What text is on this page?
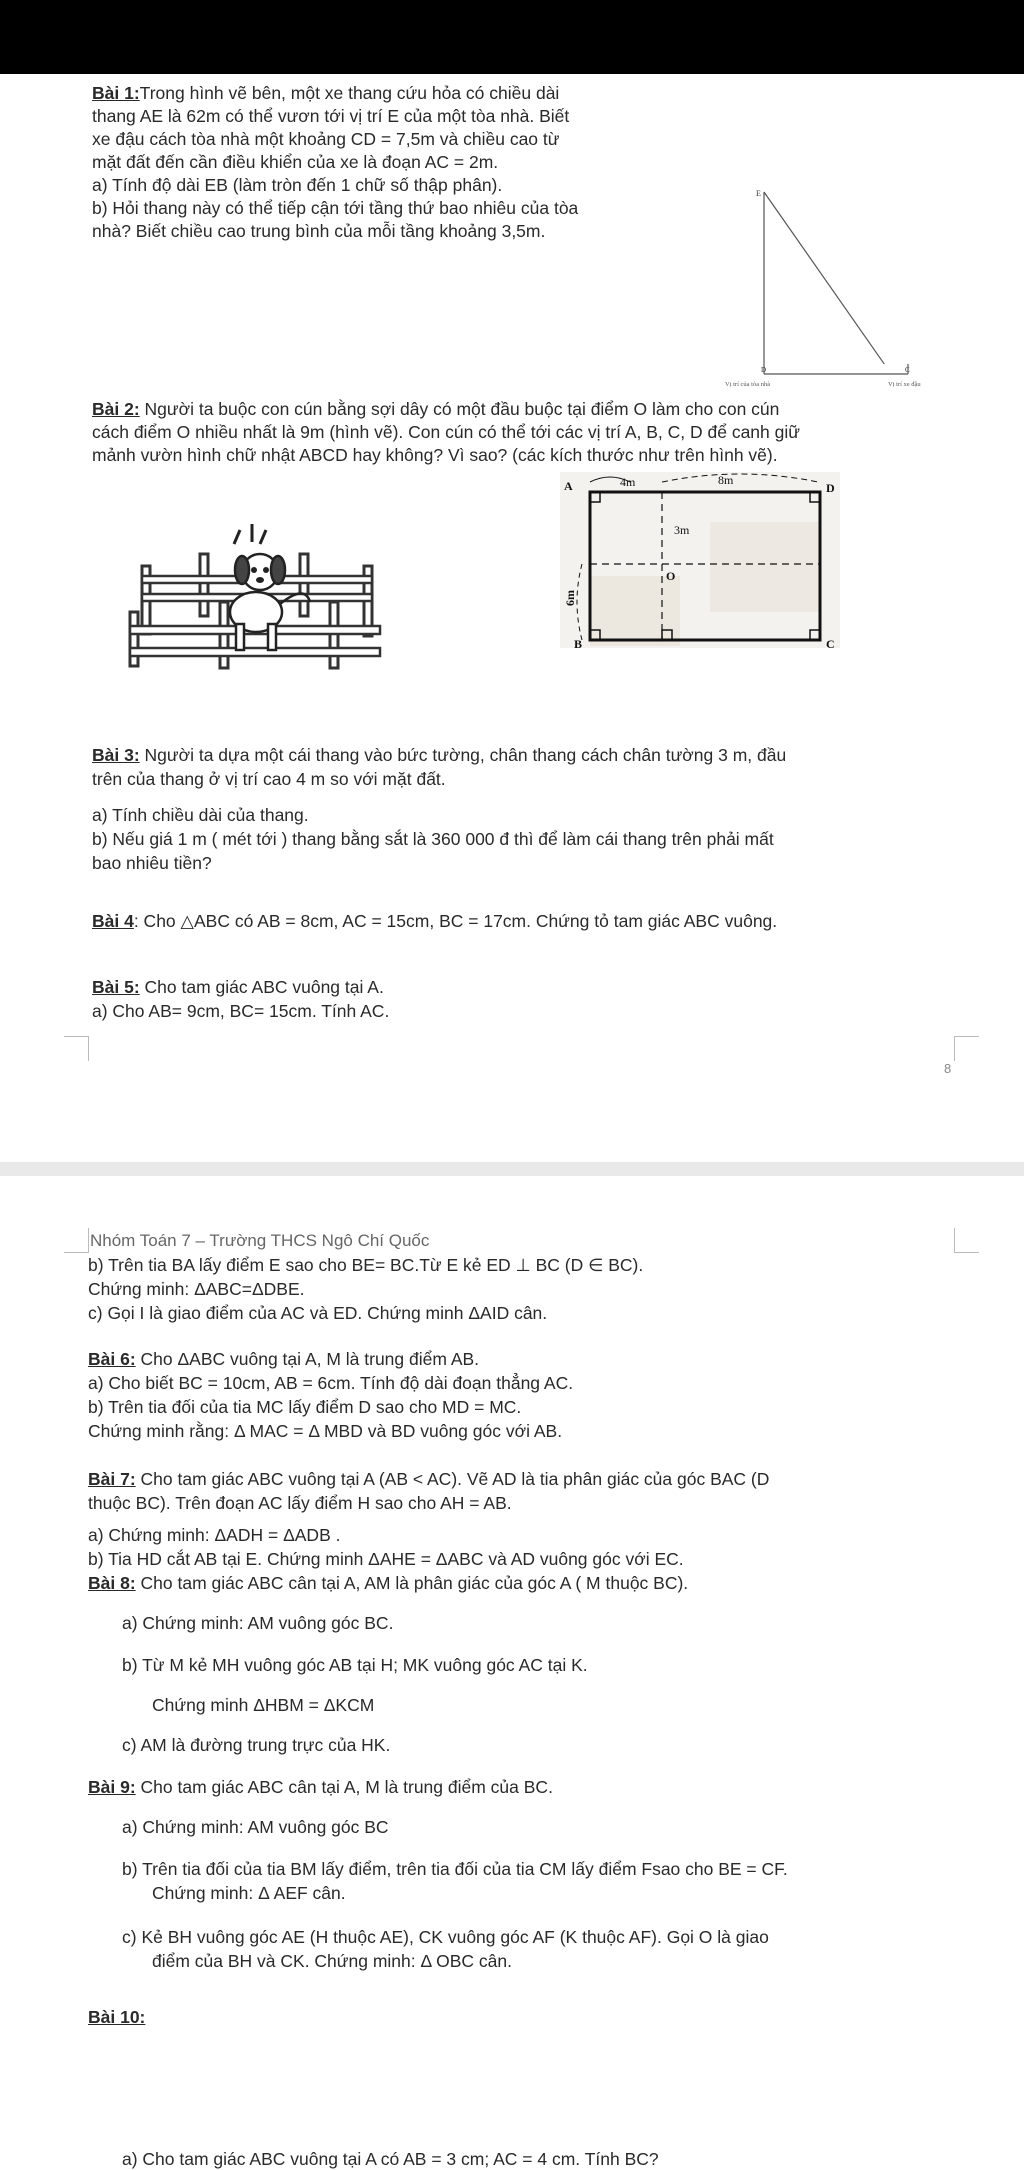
Bài 1:Trong hình vẽ bên, một xe thang cứu hỏa có chiều dài
thang AE là 62m có thể vươn tới vị trí E của một tòa nhà. Biết
xe đậu cách tòa nhà một khoảng CD = 7,5m và chiều cao từ
mặt đất đến cần điều khiển của xe là đoạn AC = 2m.
a) Tính độ dài EB (làm tròn đến 1 chữ số thập phân).
b) Hỏi thang này có thể tiếp cận tới tầng thứ bao nhiêu của tòa
nhà? Biết chiều cao trung bình của mỗi tầng khoảng 3,5m.
E
D	C
Vị trí của tòa nhà	Vị trí xe đậu
Bài 2: Người ta buộc con cún bằng sợi dây có một đầu buộc tại điểm O làm cho con cún
cách điểm O nhiều nhất là 9m (hình vẽ). Con cún có thể tới các vị trí A, B, C, D để canh giữ
mảnh vườn hình chữ nhật ABCD hay không? Vì sao? (các kích thước như trên hình vẽ).
4m	8m
3m
A	D
B	C
O
6m
Bài 3: Người ta dựa một cái thang vào bức tường, chân thang cách chân tường 3 m, đầu
trên của thang ở vị trí cao 4 m so với mặt đất.
a) Tính chiều dài của thang.
b) Nếu giá 1 m ( mét tới ) thang bằng sắt là 360 000 đ thì để làm cái thang trên phải mất
bao nhiêu tiền?
Bài 4: Cho △ABC có AB = 8cm, AC = 15cm, BC = 17cm. Chứng tỏ tam giác ABC vuông.
Bài 5: Cho tam giác ABC vuông tại A.
a) Cho AB= 9cm, BC= 15cm. Tính AC.
8
Nhóm Toán 7 – Trường THCS Ngô Chí Quốc
b) Trên tia BA lấy điểm E sao cho BE= BC.Từ E kẻ ED ⊥ BC (D ∈ BC).
Chứng minh: ΔABC=ΔDBE.
c) Gọi I là giao điểm của AC và ED. Chứng minh ΔAID cân.
Bài 6: Cho ΔABC vuông tại A, M là trung điểm AB.
a) Cho biết BC = 10cm, AB = 6cm. Tính độ dài đoạn thẳng AC.
b) Trên tia đối của tia MC lấy điểm D sao cho MD = MC.
Chứng minh rằng: Δ MAC = Δ MBD và BD vuông góc với AB.
Bài 7: Cho tam giác ABC vuông tại A (AB < AC). Vẽ AD là tia phân giác của góc BAC (D
thuộc BC). Trên đoạn AC lấy điểm H sao cho AH = AB.
a) Chứng minh: ΔADH = ΔADB .
b) Tia HD cắt AB tại E. Chứng minh ΔAHE = ΔABC và AD vuông góc với EC.
Bài 8: Cho tam giác ABC cân tại A, AM là phân giác của góc A ( M thuộc BC).
a) Chứng minh: AM vuông góc BC.
b) Từ M kẻ MH vuông góc AB tại H; MK vuông góc AC tại K.
Chứng minh ΔHBM = ΔKCM
c) AM là đường trung trực của HK.
Bài 9: Cho tam giác ABC cân tại A, M là trung điểm của BC.
a) Chứng minh: AM vuông góc BC
b) Trên tia đối của tia BM lấy điểm, trên tia đối của tia CM lấy điểm Fsao cho BE = CF.
Chứng minh: Δ AEF cân.
c) Kẻ BH vuông góc AE (H thuộc AE), CK vuông góc AF (K thuộc AF). Gọi O là giao
điểm của BH và CK. Chứng minh: Δ OBC cân.
Bài 10:
a) Cho tam giác ABC vuông tại A có AB = 3 cm; AC = 4 cm. Tính BC?
